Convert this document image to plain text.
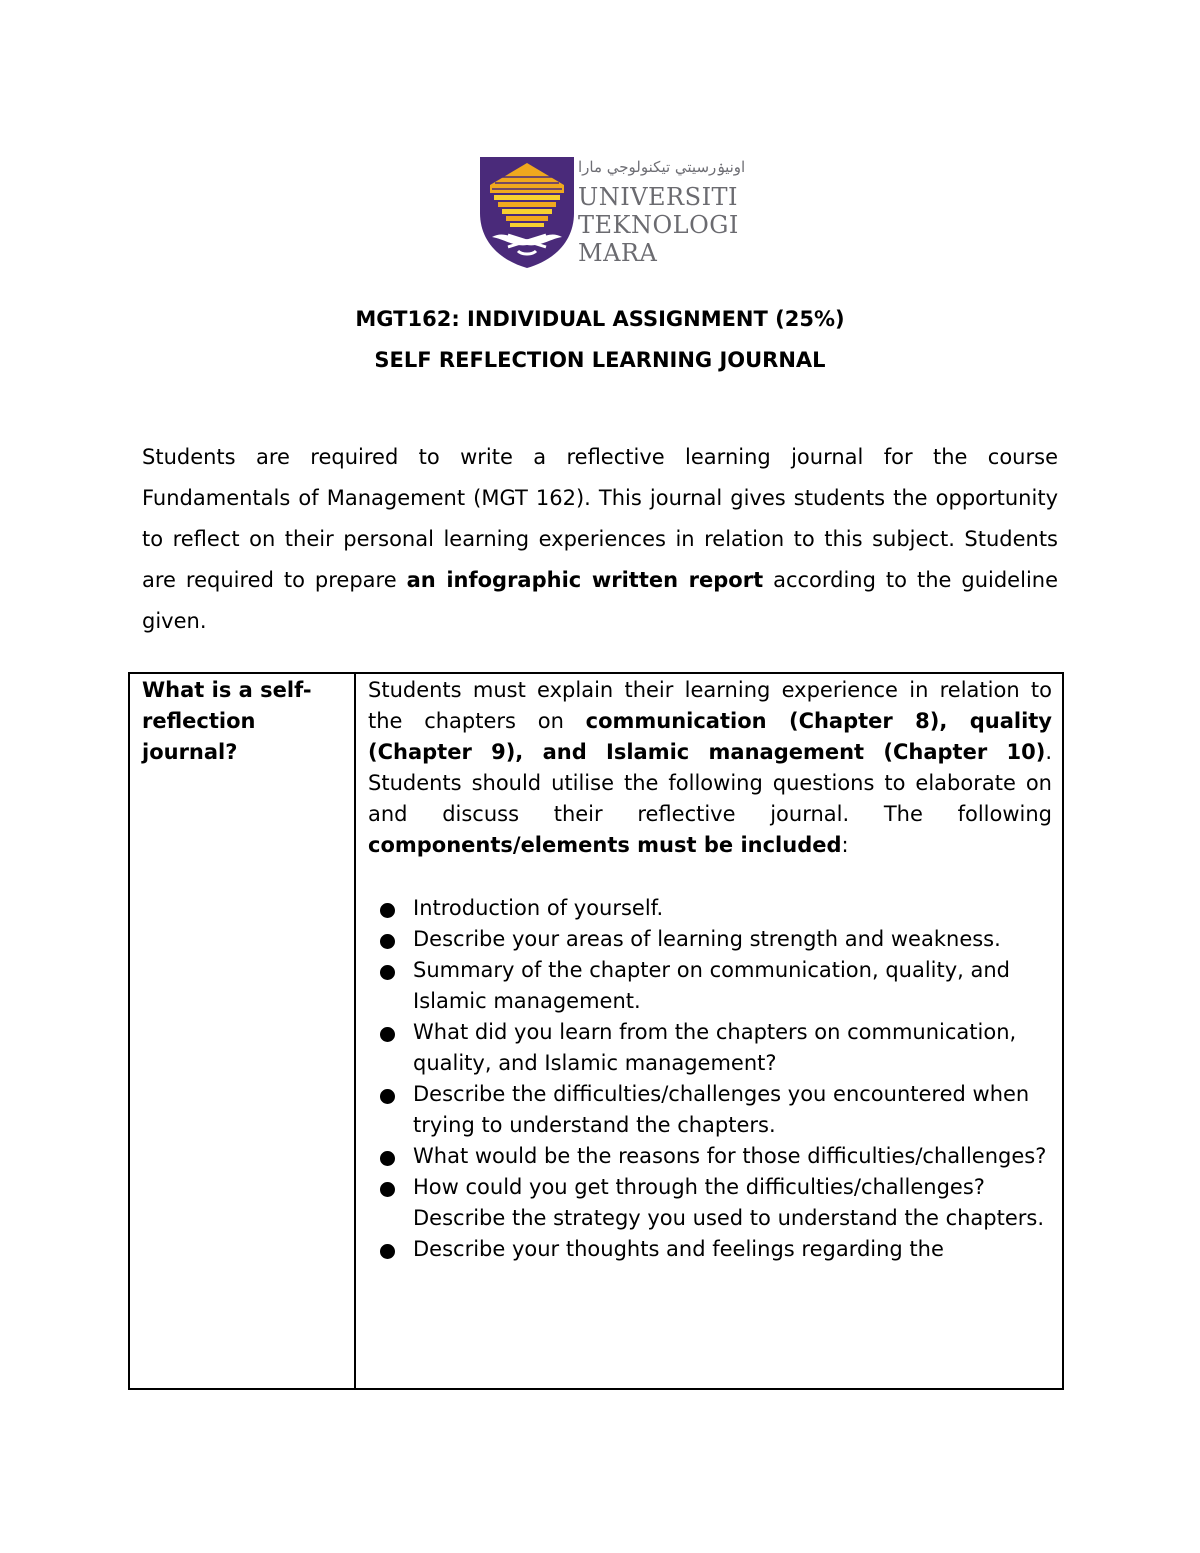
اونيۏرسيتي تيكنولوجي مارا
UNIVERSITI
TEKNOLOGI
MARA
MGT162: INDIVIDUAL ASSIGNMENT (25%)
SELF REFLECTION LEARNING JOURNAL

Students are required to write a reflective learning journal for the course Fundamentals of Management (MGT 162). This journal gives students the opportunity to reflect on their personal learning experiences in relation to this subject. Students are required to prepare an infographic written report according to the guideline given.

What is a self-reflection journal?

Students must explain their learning experience in relation to the chapters on communication (Chapter 8), quality (Chapter 9), and Islamic management (Chapter 10). Students should utilise the following questions to elaborate on and discuss their reflective journal. The following components/elements must be included:

Introduction of yourself.
Describe your areas of learning strength and weakness.
Summary of the chapter on communication, quality, and Islamic management.
What did you learn from the chapters on communication, quality, and Islamic management?
Describe the difficulties/challenges you encountered when trying to understand the chapters.
What would be the reasons for those difficulties/challenges?
How could you get through the difficulties/challenges? Describe the strategy you used to understand the chapters.
Describe your thoughts and feelings regarding the
